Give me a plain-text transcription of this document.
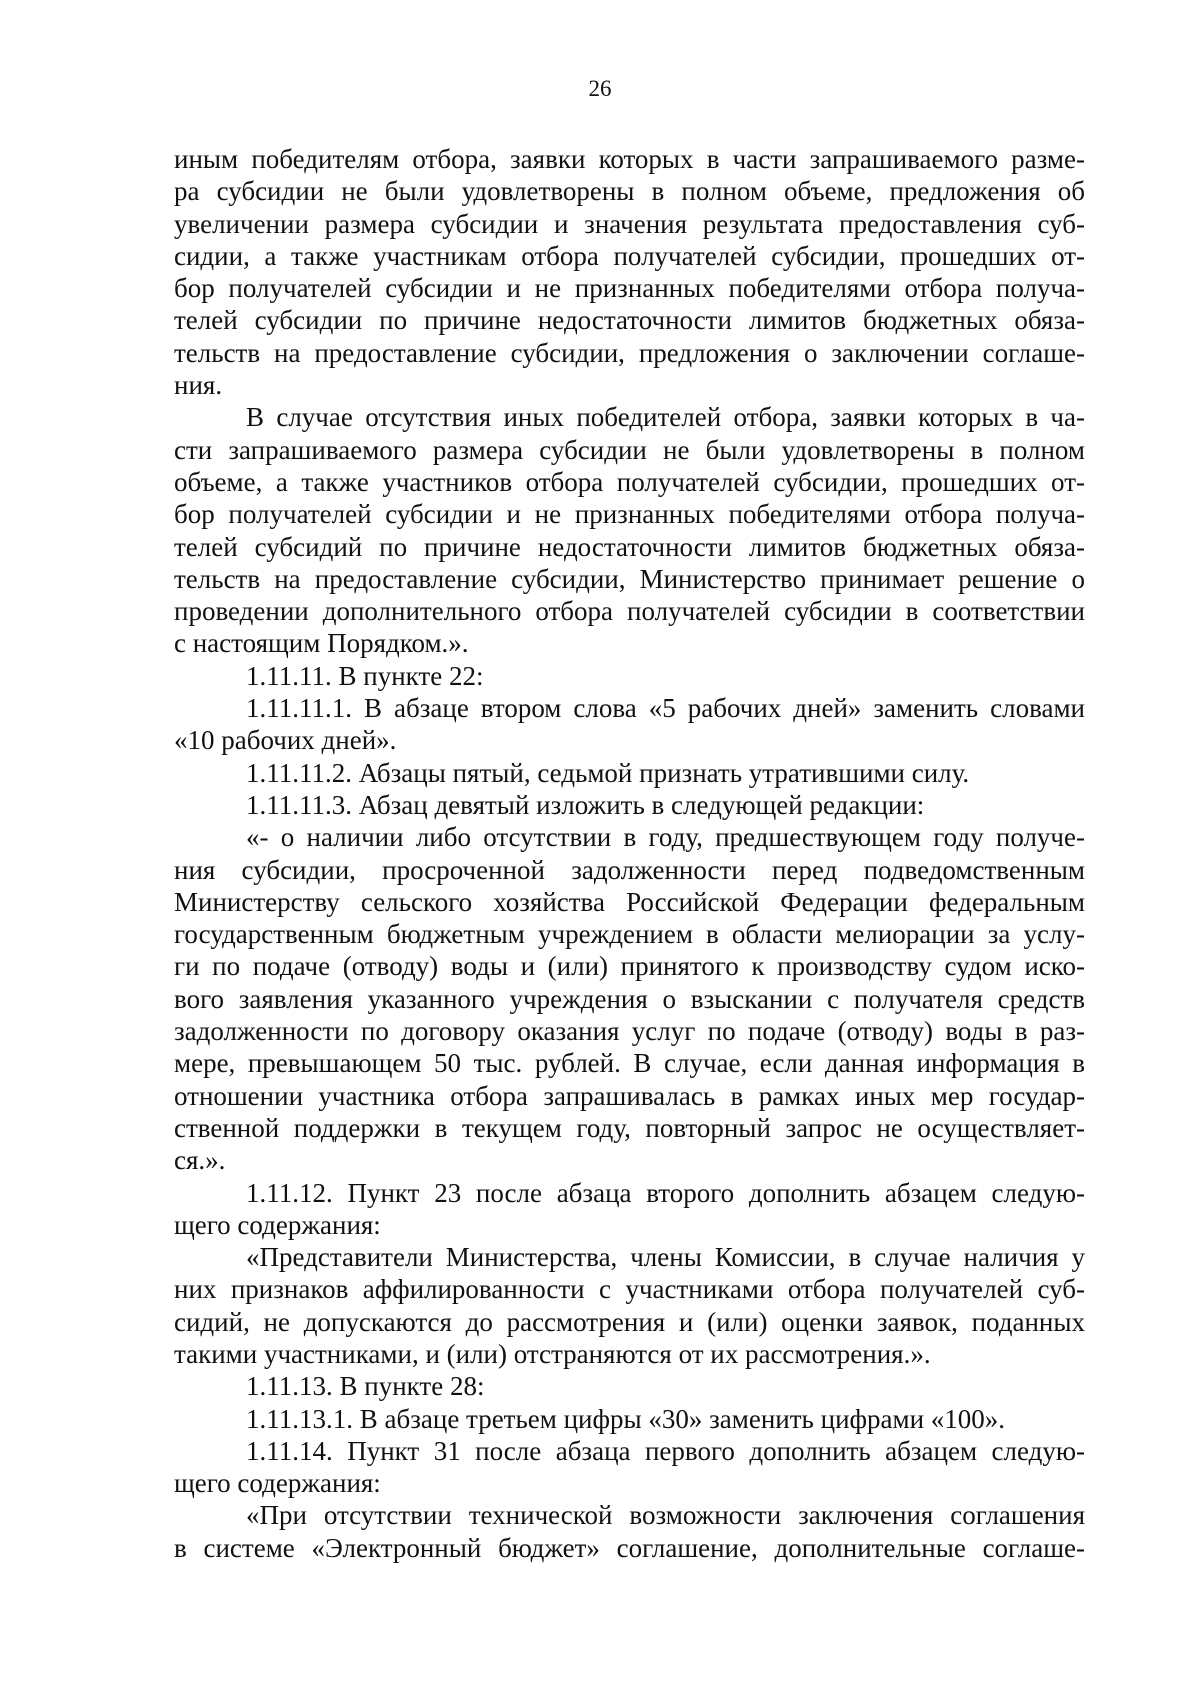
26
иным победителям отбора, заявки которых в части запрашиваемого разме-
ра субсидии не были удовлетворены в полном объеме, предложения об
увеличении размера субсидии и значения результата предоставления суб-
сидии, а также участникам отбора получателей субсидии, прошедших от-
бор получателей субсидии и не признанных победителями отбора получа-
телей субсидии по причине недостаточности лимитов бюджетных обяза-
тельств на предоставление субсидии, предложения о заключении соглаше-
ния.
В случае отсутствия иных победителей отбора, заявки которых в ча-
сти запрашиваемого размера субсидии не были удовлетворены в полном
объеме, а также участников отбора получателей субсидии, прошедших от-
бор получателей субсидии и не признанных победителями отбора получа-
телей субсидий по причине недостаточности лимитов бюджетных обяза-
тельств на предоставление субсидии, Министерство принимает решение о
проведении дополнительного отбора получателей субсидии в соответствии
с настоящим Порядком.».
1.11.11. В пункте 22:
1.11.11.1. В абзаце втором слова «5 рабочих дней» заменить словами
«10 рабочих дней».
1.11.11.2. Абзацы пятый, седьмой признать утратившими силу.
1.11.11.3. Абзац девятый изложить в следующей редакции:
«- о наличии либо отсутствии в году, предшествующем году получе-
ния субсидии, просроченной задолженности перед подведомственным
Министерству сельского хозяйства Российской Федерации федеральным
государственным бюджетным учреждением в области мелиорации за услу-
ги по подаче (отводу) воды и (или) принятого к производству судом иско-
вого заявления указанного учреждения о взыскании с получателя средств
задолженности по договору оказания услуг по подаче (отводу) воды в раз-
мере, превышающем 50 тыс. рублей. В случае, если данная информация в
отношении участника отбора запрашивалась в рамках иных мер государ-
ственной поддержки в текущем году, повторный запрос не осуществляет-
ся.».
1.11.12. Пункт 23 после абзаца второго дополнить абзацем следую-
щего содержания:
«Представители Министерства, члены Комиссии, в случае наличия у
них признаков аффилированности с участниками отбора получателей суб-
сидий, не допускаются до рассмотрения и (или) оценки заявок, поданных
такими участниками, и (или) отстраняются от их рассмотрения.».
1.11.13. В пункте 28:
1.11.13.1. В абзаце третьем цифры «30» заменить цифрами «100».
1.11.14. Пункт 31 после абзаца первого дополнить абзацем следую-
щего содержания:
«При отсутствии технической возможности заключения соглашения
в системе «Электронный бюджет» соглашение, дополнительные соглаше-
